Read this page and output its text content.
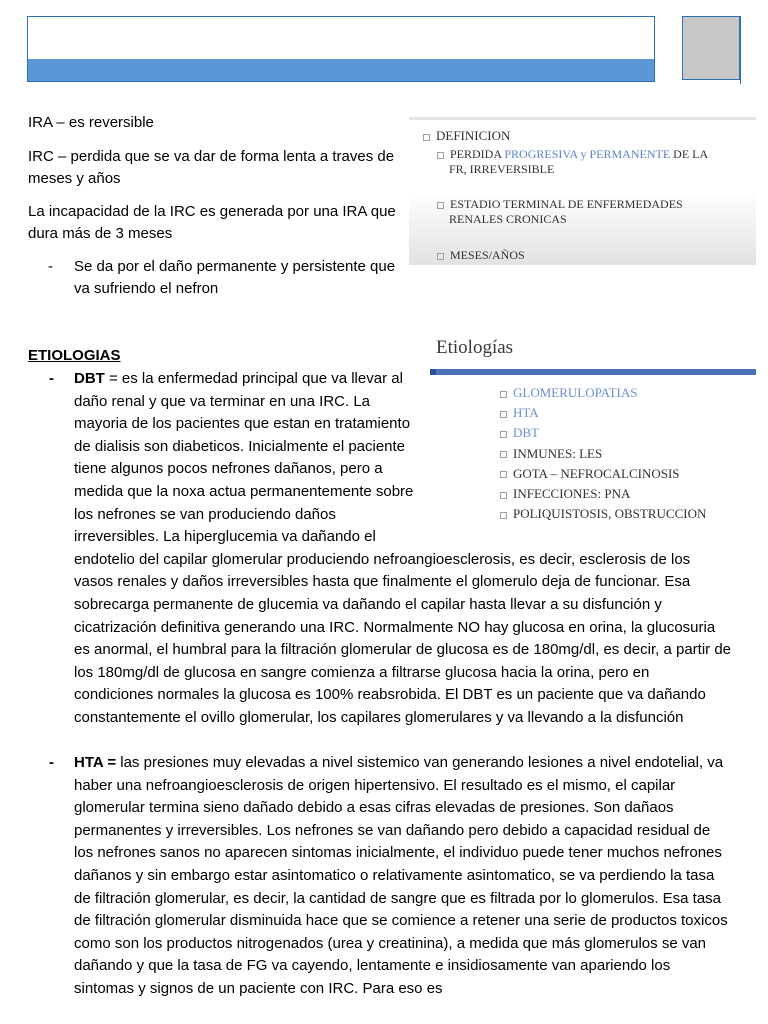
IRA – es reversible
IRC – perdida que se va dar de forma lenta a traves de meses y años
La incapacidad de la IRC es generada por una IRA que dura más de 3 meses
- Se da por el daño permanente y persistente que va sufriendo el nefron
DEFINICION
PERDIDA PROGRESIVA y PERMANENTE DE LA
FR, IRREVERSIBLE
ESTADIO TERMINAL DE ENFERMEDADES
RENALES CRONICAS
MESES/AÑOS
ETIOLOGIAS	Etiologías
GLOMERULOPATIAS
HTA
DBT
INMUNES: LES
GOTA – NEFROCALCINOSIS
INFECCIONES: PNA
POLIQUISTOSIS, OBSTRUCCION
- DBT = es la enfermedad principal que va llevar al daño renal y que va terminar en una IRC. La mayoria de los pacientes que estan en tratamiento de dialisis son diabeticos. Inicialmente el paciente tiene algunos pocos nefrones dañanos, pero a medida que la noxa actua permanentemente sobre los nefrones se van produciendo daños irreversibles. La hiperglucemia va dañando el endotelio del capilar glomerular produciendo nefroangioesclerosis, es decir, esclerosis de los vasos renales y daños irreversibles hasta que finalmente el glomerulo deja de funcionar. Esa sobrecarga permanente de glucemia va dañando el capilar hasta llevar a su disfunción y cicatrización definitiva generando una IRC. Normalmente NO hay glucosa en orina, la glucosuria es anormal, el humbral para la filtración glomerular de glucosa es de 180mg/dl, es decir, a partir de los 180mg/dl de glucosa en sangre comienza a filtrarse glucosa hacia la orina, pero en condiciones normales la glucosa es 100% reabsrobida. El DBT es un paciente que va dañando constantemente el ovillo glomerular, los capilares glomerulares y va llevando a la disfunción

- HTA = las presiones muy elevadas a nivel sistemico van generando lesiones a nivel endotelial, va haber una nefroangioesclerosis de origen hipertensivo. El resultado es el mismo, el capilar glomerular termina sieno dañado debido a esas cifras elevadas de presiones. Son dañaos permanentes y irreversibles. Los nefrones se van dañando pero debido a capacidad residual de los nefrones sanos no aparecen sintomas inicialmente, el individuo puede tener muchos nefrones dañanos y sin embargo estar asintomatico o relativamente asintomatico, se va perdiendo la tasa de filtración glomerular, es decir, la cantidad de sangre que es filtrada por lo glomerulos. Esa tasa de filtración glomerular disminuida hace que se comience a retener una serie de productos toxicos como son los productos nitrogenados (urea y creatinina), a medida que más glomerulos se van dañando y que la tasa de FG va cayendo, lentamente e insidiosamente van apariendo los sintomas y signos de un paciente con IRC. Para eso es
